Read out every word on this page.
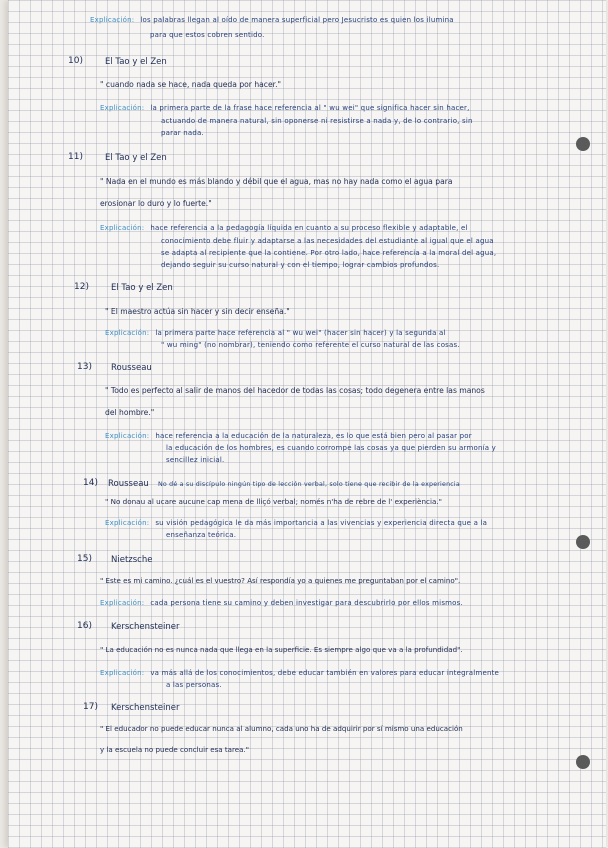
Explicación: los palabras llegan al oído de manera superficial pero Jesucristo es quien los ilumina
para que estos cobren sentido.
10)	El Tao y el Zen
" cuando nada se hace, nada queda por hacer."
Explicación: la primera parte de la frase hace referencia al " wu wei" que significa hacer sin hacer,
actuando de manera natural, sin oponerse ni resistirse a nada y, de lo contrario, sin
parar nada.
11)	El Tao y el Zen
" Nada en el mundo es más blando y débil que el agua, mas no hay nada como el agua para
erosionar lo duro y lo fuerte."
Explicación: hace referencia a la pedagogía líquida en cuanto a su proceso flexible y adaptable, el
conocimiento debe fluir y adaptarse a las necesidades del estudiante al igual que el agua
se adapta al recipiente que la contiene. Por otro lado, hace referencia a la moral del agua,
dejando seguir su curso natural y con el tiempo, lograr cambios profundos.
12)	El Tao y el Zen
" El maestro actúa sin hacer y sin decir enseña."
Explicación: la primera parte hace referencia al " wu wei" (hacer sin hacer) y la segunda al
" wu ming" (no nombrar), teniendo como referente el curso natural de las cosas.
13) Rousseau
" Todo es perfecto al salir de manos del hacedor de todas las cosas; todo degenera entre las manos
del hombre."
Explicación: hace referencia a la educación de la naturaleza, es lo que está bien pero al pasar por
la educación de los hombres, es cuando corrompe las cosas ya que pierden su armonía y
sencillez inicial.
14) Rousseau No dé a su discípulo ningún tipo de lección verbal, solo tiene que recibir de la experiencia
" No donau al ucare aucune cap mena de lliçó verbal; només n'ha de rebre de l' experiència."
Explicación: su visión pedagógica le da más importancia a las vivencias y experiencia directa que a la
enseñanza teórica.
15) Nietzsche
" Este es mi camino. ¿cuál es el vuestro? Así respondía yo a quienes me preguntaban por el camino".
Explicación: cada persona tiene su camino y deben investigar para descubrirlo por ellos mismos.
16) Kerschensteiner
" La educación no es nunca nada que llega en la superficie. Es siempre algo que va a la profundidad".
Explicación: va más allá de los conocimientos, debe educar también en valores para educar integralmente
a las personas.
17) Kerschensteiner
" El educador no puede educar nunca al alumno, cada uno ha de adquirir por sí mismo una educación
y la escuela no puede concluir esa tarea."
